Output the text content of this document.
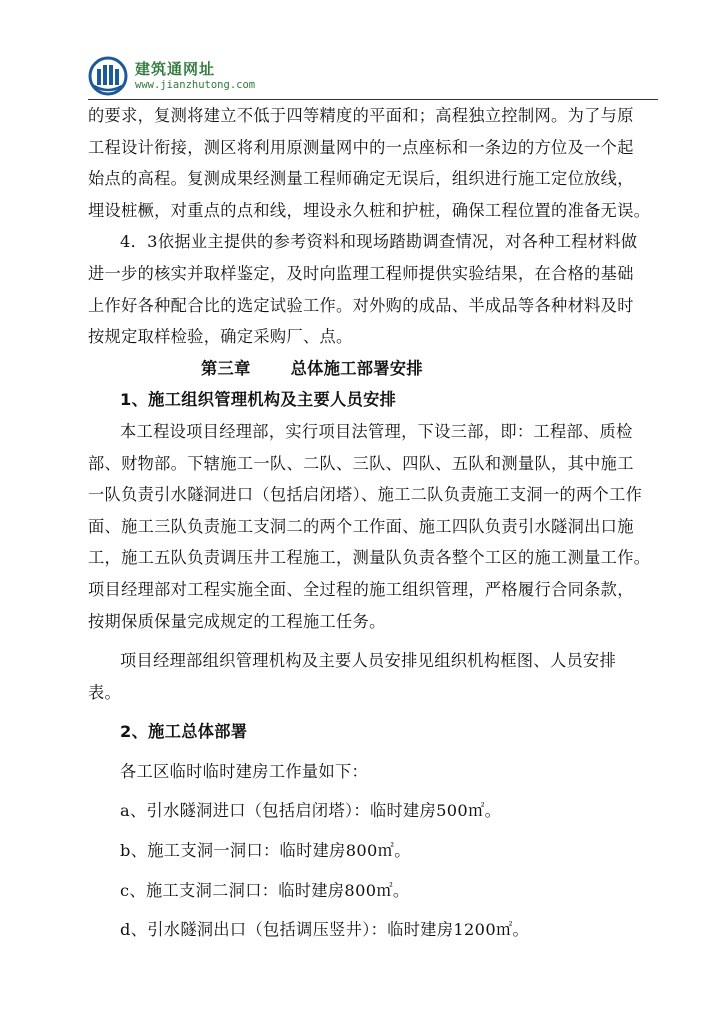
建筑通网址
www.jianzhutong.com
的要求，复测将建立不低于四等精度的平面和；高程独立控制网。为了与原
工程设计衔接，测区将利用原测量网中的一点座标和一条边的方位及一个起
始点的高程。复测成果经测量工程师确定无误后，组织进行施工定位放线，
埋设桩橛，对重点的点和线，埋设永久桩和护桩，确保工程位置的准备无误。
4．3依据业主提供的参考资料和现场踏勘调查情况，对各种工程材料做
进一步的核实并取样鉴定，及时向监理工程师提供实验结果，在合格的基础
上作好各种配合比的选定试验工作。对外购的成品、半成品等各种材料及时
按规定取样检验，确定采购厂、点。
第三章 总体施工部署安排
1、施工组织管理机构及主要人员安排
本工程设项目经理部，实行项目法管理，下设三部，即：工程部、质检
部、财物部。下辖施工一队、二队、三队、四队、五队和测量队，其中施工
一队负责引水隧洞进口（包括启闭塔）、施工二队负责施工支洞一的两个工作
面、施工三队负责施工支洞二的两个工作面、施工四队负责引水隧洞出口施
工，施工五队负责调压井工程施工，测量队负责各整个工区的施工测量工作。
项目经理部对工程实施全面、全过程的施工组织管理，严格履行合同条款，
按期保质保量完成规定的工程施工任务。
项目经理部组织管理机构及主要人员安排见组织机构框图、人员安排
表。
2、施工总体部署
各工区临时临时建房工作量如下：
a、引水隧洞进口（包括启闭塔）：临时建房500㎡。
b、施工支洞一洞口：临时建房800㎡。
c、施工支洞二洞口：临时建房800㎡。
d、引水隧洞出口（包括调压竖井）：临时建房1200㎡。
